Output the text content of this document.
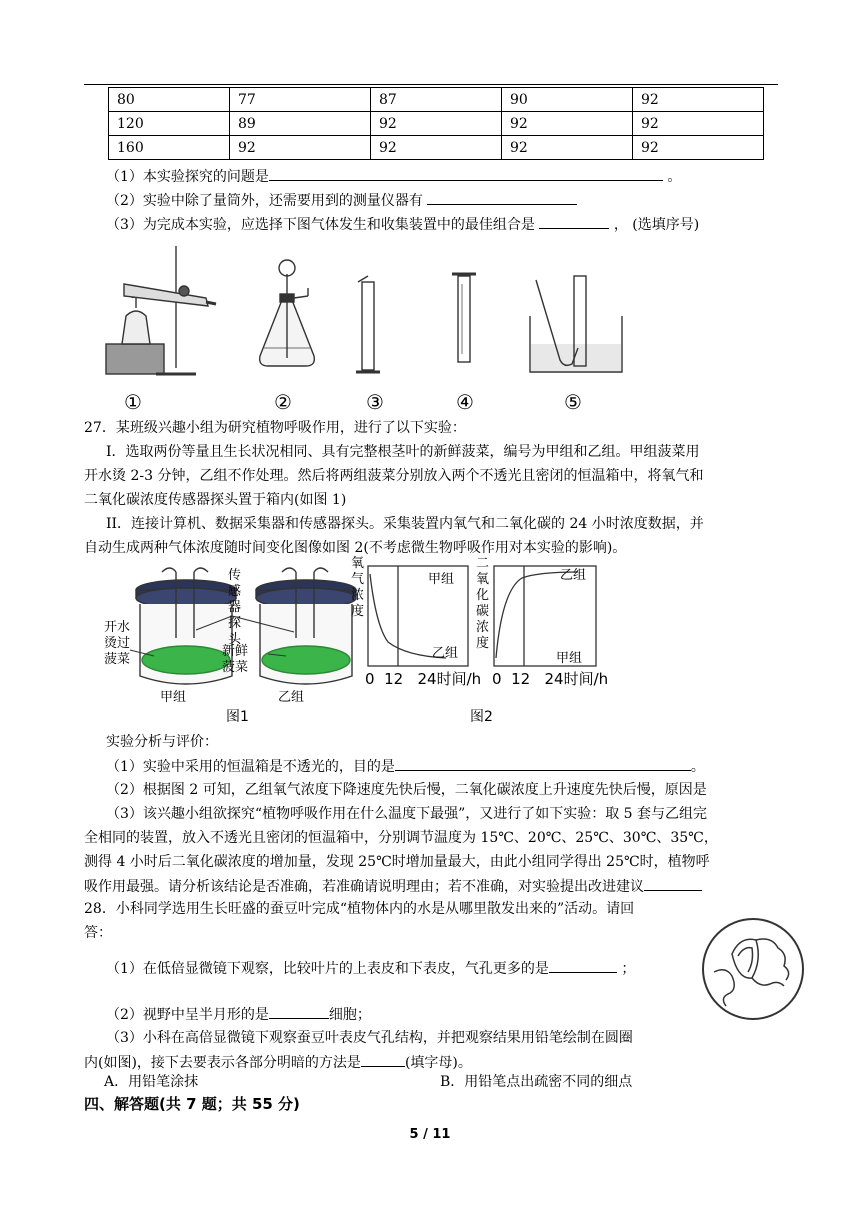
80	77	87	90	92
120	89	92	92	92
160	92	92	92	92
（1）本实验探究的问题是	。
（2）实验中除了量筒外，还需要用到的测量仪器有
（3）为完成本实验，应选择下图气体发生和收集装置中的最佳组合是	， (选填序号)
①	②	③	④	⑤
27．某班级兴趣小组为研究植物呼吸作用，进行了以下实验：
I．选取两份等量且生长状况相同、具有完整根茎叶的新鲜菠菜，编号为甲组和乙组。甲组菠菜用
开水烫 2-3 分钟，乙组不作处理。然后将两组菠菜分别放入两个不透光且密闭的恒温箱中，将氧气和
二氧化碳浓度传感器探头置于箱内(如图 1)
II．连接计算机、数据采集器和传感器探头。采集装置内氧气和二氧化碳的 24 小时浓度数据，并
自动生成两种气体浓度随时间变化图像如图 2(不考虑微生物呼吸作用对本实验的影响)。
开水
烫过
菠菜
传
感
器
探
头
新鲜
菠菜
甲组	乙组
图1
氧
气
浓
度
甲组
乙组
二
氧
化
碳
浓
度
乙组
甲组
0 12 24时间/h 0 12 24时间/h
图2
实验分析与评价：
（1）实验中采用的恒温箱是不透光的，目的是	。
（2）根据图 2 可知，乙组氧气浓度下降速度先快后慢，二氧化碳浓度上升速度先快后慢，原因是
（3）该兴趣小组欲探究“植物呼吸作用在什么温度下最强”，又进行了如下实验：取 5 套与乙组完
全相同的装置，放入不透光且密闭的恒温箱中，分别调节温度为 15℃、20℃、25℃、30℃、35℃，
测得 4 小时后二氧化碳浓度的增加量，发现 25℃时增加量最大，由此小组同学得出 25℃时，植物呼
吸作用最强。请分析该结论是否准确，若准确请说明理由；若不准确，对实验提出改进建议
28．小科同学选用生长旺盛的蚕豆叶完成“植物体内的水是从哪里散发出来的”活动。请回
答：
（1）在低倍显微镜下观察，比较叶片的上表皮和下表皮，气孔更多的是	；
（2）视野中呈半月形的是	细胞；
（3）小科在高倍显微镜下观察蚕豆叶表皮气孔结构，并把观察结果用铅笔绘制在圆圈
内(如图)，接下去要表示各部分明暗的方法是	(填字母)。
A．用铅笔涂抹	B．用铅笔点出疏密不同的细点
四、解答题(共 7 题；共 55 分)
5 / 11
